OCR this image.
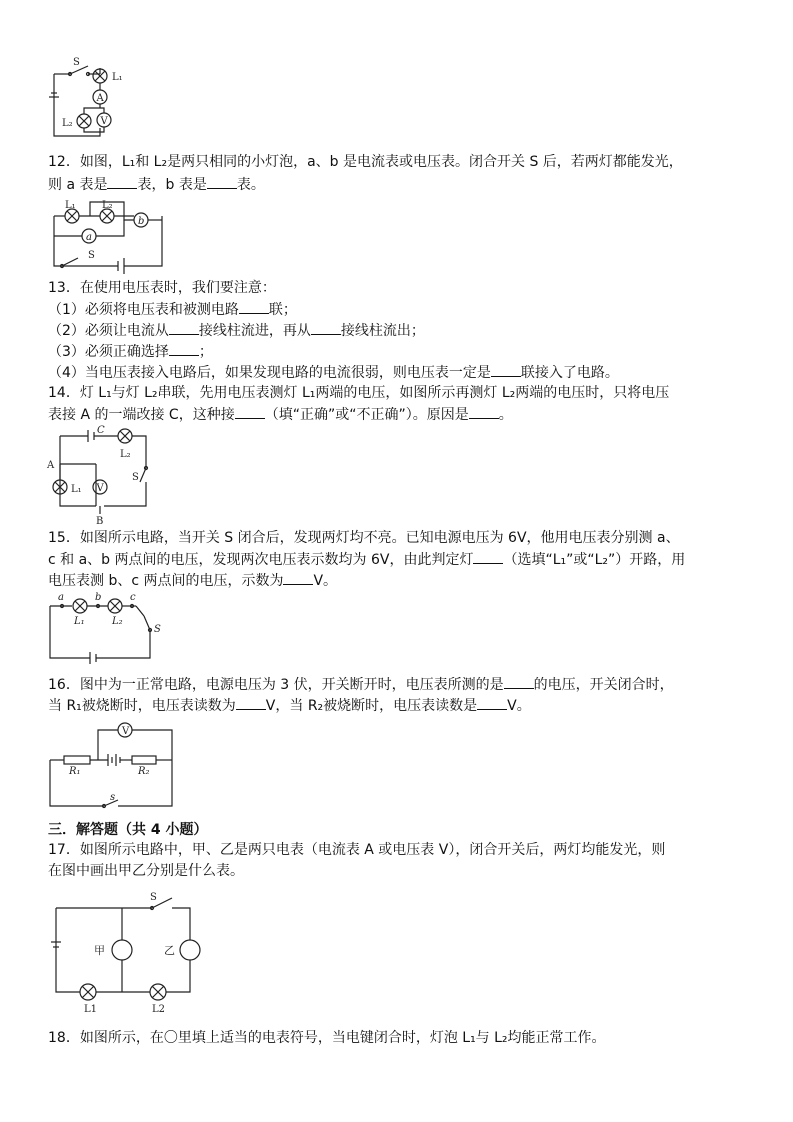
S
L₁
A
L₂	V
12．如图，L₁和 L₂是两只相同的小灯泡，a、b 是电流表或电压表。闭合开关 S 后，若两灯都能发光，
则 a 表是 表，b 表是 表。
L₁	L₂
b
a
S
13．在使用电压表时，我们要注意：
（1）必须将电压表和被测电路 联；
（2）必须让电流从 接线柱流进，再从 接线柱流出；
（3）必须正确选择 ；
（4）当电压表接入电路后，如果发现电路的电流很弱，则电压表一定是 联接入了电路。
14．灯 L₁与灯 L₂串联，先用电压表测灯 L₁两端的电压，如图所示再测灯 L₂两端的电压时，只将电压
表接 A 的一端改接 C，这种接 （填“正确”或“不正确”）。原因是 。
C
L₂
S
A
L₁ V
B
15．如图所示电路，当开关 S 闭合后，发现两灯均不亮。已知电源电压为 6V，他用电压表分别测 a、
c 和 a、b 两点间的电压，发现两次电压表示数均为 6V，由此判定灯 （选填“L₁”或“L₂”）开路，用
电压表测 b、c 两点间的电压，示数为 V。
S
a
L₁
b
L₂
c
16．图中为一正常电路，电源电压为 3 伏，开关断开时，电压表所测的是 的电压，开关闭合时，
当 R₁被烧断时，电压表读数为 V，当 R₂被烧断时，电压表读数是 V。
s
V
R₁	R₂
三．解答题（共 4 小题）
17．如图所示电路中，甲、乙是两只电表（电流表 A 或电压表 V），闭合开关后，两灯均能发光，则
在图中画出甲乙分别是什么表。
S
乙
甲
L1	L2
18．如图所示，在〇里填上适当的电表符号，当电键闭合时，灯泡 L₁与 L₂均能正常工作。
